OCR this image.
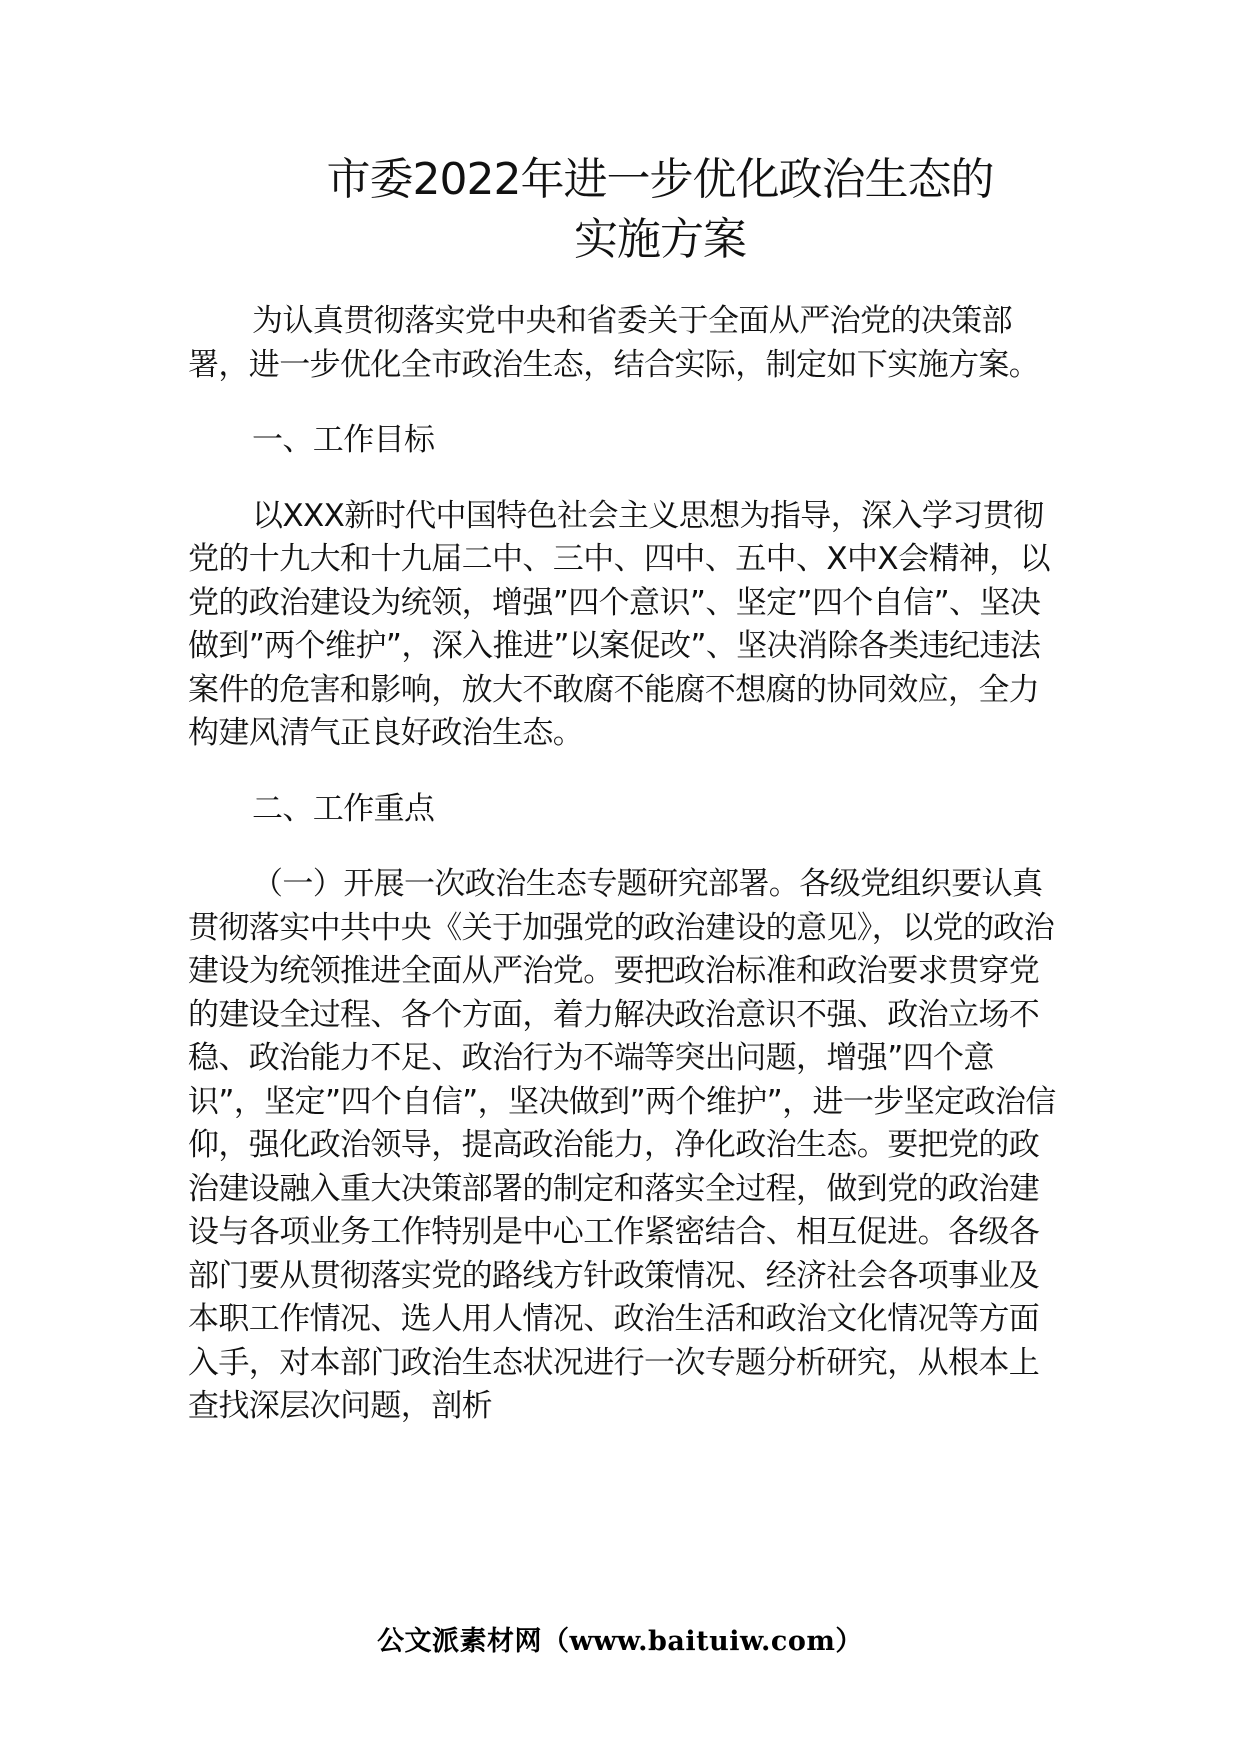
市委2022年进一步优化政治生态的
实施方案

为认真贯彻落实党中央和省委关于全面从严治党的决策部署，进一步优化全市政治生态，结合实际，制定如下实施方案。

一、工作目标

以XXX新时代中国特色社会主义思想为指导，深入学习贯彻党的十九大和十九届二中、三中、四中、五中、X中X会精神，以党的政治建设为统领，增强”四个意识”、坚定”四个自信”、坚决做到”两个维护”，深入推进”以案促改”、坚决消除各类违纪违法案件的危害和影响，放大不敢腐不能腐不想腐的协同效应，全力构建风清气正良好政治生态。

二、工作重点

（一）开展一次政治生态专题研究部署。各级党组织要认真贯彻落实中共中央《关于加强党的政治建设的意见》，以党的政治建设为统领推进全面从严治党。要把政治标准和政治要求贯穿党的建设全过程、各个方面，着力解决政治意识不强、政治立场不稳、政治能力不足、政治行为不端等突出问题，增强”四个意识”，坚定”四个自信”，坚决做到”两个维护”，进一步坚定政治信仰，强化政治领导，提高政治能力，净化政治生态。要把党的政治建设融入重大决策部署的制定和落实全过程，做到党的政治建设与各项业务工作特别是中心工作紧密结合、相互促进。各级各部门要从贯彻落实党的路线方针政策情况、经济社会各项事业及本职工作情况、选人用人情况、政治生活和政治文化情况等方面入手，对本部门政治生态状况进行一次专题分析研究，从根本上查找深层次问题，剖析

公文派素材网（www.baituiw.com）
